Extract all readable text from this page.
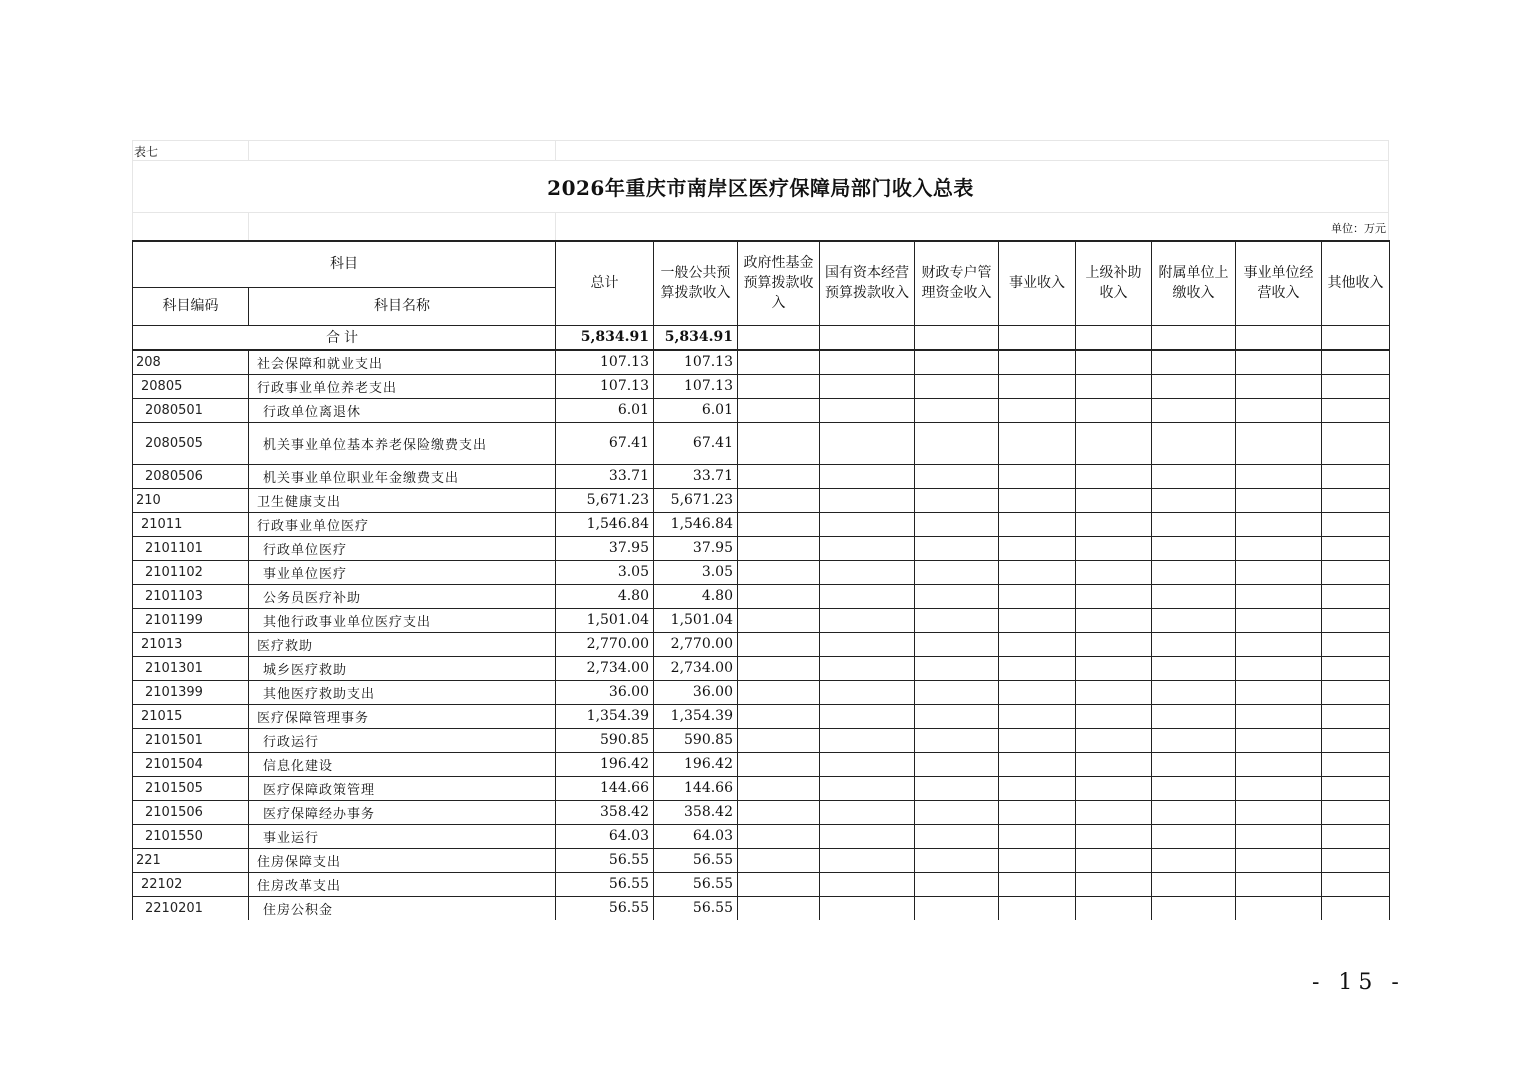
表七
2026年重庆市南岸区医疗保障局部门收入总表
单位：万元
科目		总计	一般公共预算拨款收入	政府性基金预算拨款收入	国有资本经营预算拨款收入	财政专户管理资金收入	事业收入	上级补助收入	附属单位上缴收入	事业单位经营收入	其他收入
科目编码	科目名称										
合计		5,834.91	5,834.91								
208	社会保障和就业支出	107.13	107.13								
20805	行政事业单位养老支出	107.13	107.13								
2080501	行政单位离退休	6.01	6.01								
2080505	机关事业单位基本养老保险缴费支出	67.41	67.41								
2080506	机关事业单位职业年金缴费支出	33.71	33.71								
210	卫生健康支出	5,671.23	5,671.23								
21011	行政事业单位医疗	1,546.84	1,546.84								
2101101	行政单位医疗	37.95	37.95								
2101102	事业单位医疗	3.05	3.05								
2101103	公务员医疗补助	4.80	4.80								
2101199	其他行政事业单位医疗支出	1,501.04	1,501.04								
21013	医疗救助	2,770.00	2,770.00								
2101301	城乡医疗救助	2,734.00	2,734.00								
2101399	其他医疗救助支出	36.00	36.00								
21015	医疗保障管理事务	1,354.39	1,354.39								
2101501	行政运行	590.85	590.85								
2101504	信息化建设	196.42	196.42								
2101505	医疗保障政策管理	144.66	144.66								
2101506	医疗保障经办事务	358.42	358.42								
2101550	事业运行	64.03	64.03								
221	住房保障支出	56.55	56.55								
22102	住房改革支出	56.55	56.55								
2210201	住房公积金	56.55	56.55								
- 15 -
